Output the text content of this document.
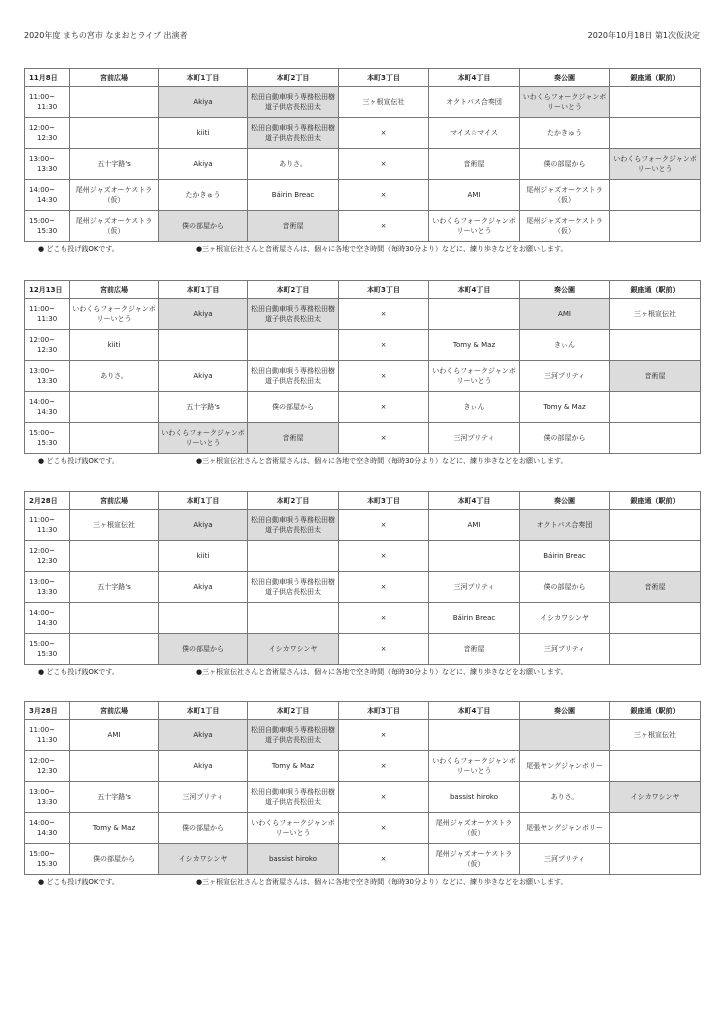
2020年度 まちの宮市 なまおとライブ 出演者	2020年10月18日 第1次仮決定
11月8日	宮前広場	本町1丁目	本町2丁目	本町3丁目	本町4丁目	奏公園	銀座通（駅前）

11:00~
11:30		Akiya	松田自動車唄う専務松田樹道子供店長松田太	三ヶ根宣伝社	オクトパス合奏団	いわくらフォークジャンボリーいとう	

12:00~
12:30		kiiti	松田自動車唄う専務松田樹道子供店長松田太	×	マイス☆マイス	たかきゅう	

13:00~
13:30	五十字路's	Akiya	ありさ。	×	音術屋	僕の部屋から	いわくらフォークジャンボリーいとう

14:00~
14:30	尾州ジャズオーケストラ（仮）	たかきゅう	Báirin Breac	×	AMI	尾州ジャズオーケストラ（仮）	

15:00~
15:30	尾州ジャズオーケストラ（仮）	僕の部屋から	音術屋	×	いわくらフォークジャンボリーいとう	尾州ジャズオーケストラ（仮）	

● どこも投げ銭OKです。	●三ヶ根宣伝社さんと音術屋さんは、個々に各地で空き時間（毎時30分より）などに、練り歩きなどをお願いします。
12月13日	宮前広場	本町1丁目	本町2丁目	本町3丁目	本町4丁目	奏公園	銀座通（駅前）

11:00~
11:30	いわくらフォークジャンボリーいとう	Akiya	松田自動車唄う専務松田樹道子供店長松田太	×		AMI	三ヶ根宣伝社

12:00~
12:30	kiiti			×	Tomy & Maz	きぃん	

13:00~
13:30	ありさ。	Akiya	松田自動車唄う専務松田樹道子供店長松田太	×	いわくらフォークジャンボリーいとう	三河プリティ	音術屋

14:00~
14:30		五十字路's	僕の部屋から	×	きぃん	Tomy & Maz	

15:00~
15:30		いわくらフォークジャンボリーいとう	音術屋	×	三河プリティ	僕の部屋から	

● どこも投げ銭OKです。	●三ヶ根宣伝社さんと音術屋さんは、個々に各地で空き時間（毎時30分より）などに、練り歩きなどをお願いします。
2月28日	宮前広場	本町1丁目	本町2丁目	本町3丁目	本町4丁目	奏公園	銀座通（駅前）

11:00~
11:30	三ヶ根宣伝社	Akiya	松田自動車唄う専務松田樹道子供店長松田太	×	AMI	オクトパス合奏団	

12:00~
12:30		kiiti		×		Báirin Breac	

13:00~
13:30	五十字路's	Akiya	松田自動車唄う専務松田樹道子供店長松田太	×	三河プリティ	僕の部屋から	音術屋

14:00~
14:30				×	Báirin Breac	イシカワシンヤ	

15:00~
15:30		僕の部屋から	イシカワシンヤ	×	音術屋	三河プリティ	

● どこも投げ銭OKです。	●三ヶ根宣伝社さんと音術屋さんは、個々に各地で空き時間（毎時30分より）などに、練り歩きなどをお願いします。
3月28日	宮前広場	本町1丁目	本町2丁目	本町3丁目	本町4丁目	奏公園	銀座通（駅前）

11:00~
11:30	AMI	Akiya	松田自動車唄う専務松田樹道子供店長松田太	×			三ヶ根宣伝社

12:00~
12:30		Akiya	Tomy & Maz	×	いわくらフォークジャンボリーいとう	尾張ヤングジャンボリー	

13:00~
13:30	五十字路's	三河プリティ	松田自動車唄う専務松田樹道子供店長松田太	×	bassist hiroko	ありさ。	イシカワシンヤ

14:00~
14:30	Tomy & Maz	僕の部屋から	いわくらフォークジャンボリーいとう	×	尾州ジャズオーケストラ（仮）	尾張ヤングジャンボリー	

15:00~
15:30	僕の部屋から	イシカワシンヤ	bassist hiroko	×	尾州ジャズオーケストラ（仮）	三河プリティ	

● どこも投げ銭OKです。	●三ヶ根宣伝社さんと音術屋さんは、個々に各地で空き時間（毎時30分より）などに、練り歩きなどをお願いします。
